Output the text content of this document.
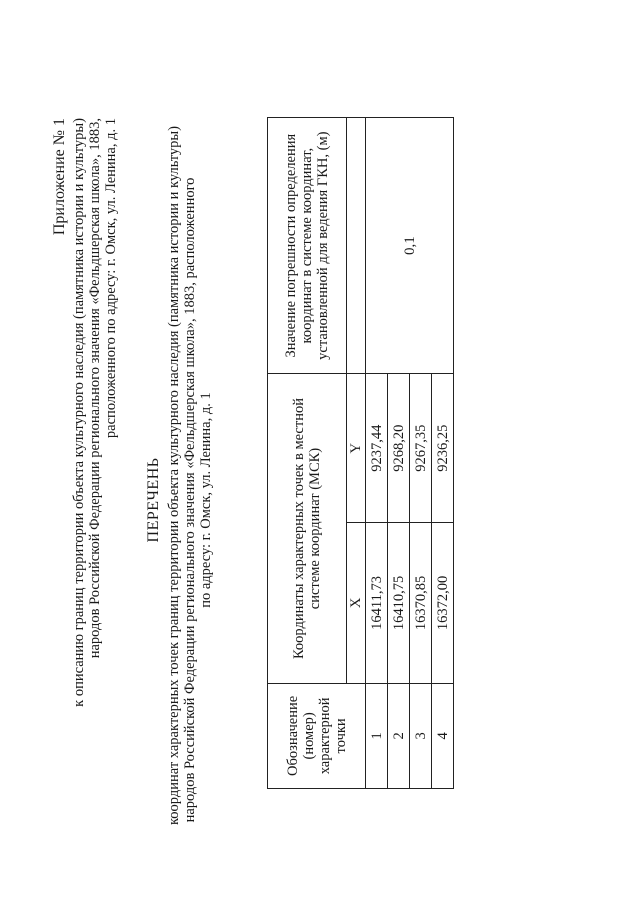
Приложение № 1 к описанию границ территории объекта культурного наследия (памятника истории и культуры) народов Российской Федерации регионального значения «Фельдшерская школа», 1883, расположенного по адресу: г. Омск, ул. Ленина, д. 1
ПЕРЕЧЕНЬ координат характерных точек границ территории объекта культурного наследия (памятника истории и культуры) народов Российской Федерации регионального значения «Фельдшерская школа», 1883, расположенного по адресу: г. Омск, ул. Ленина, д. 1
Обозначение (номер) характерной точки	Координаты характерных точек в местной системе координат (МСК)		Значение погрешности определения координат в системе координат, установленной для ведения ГКН, (м)
	X	Y	
1	16411,73	9237,44	0,1
2	16410,75	9268,20	
3	16370,85	9267,35	
4	16372,00	9236,25	
